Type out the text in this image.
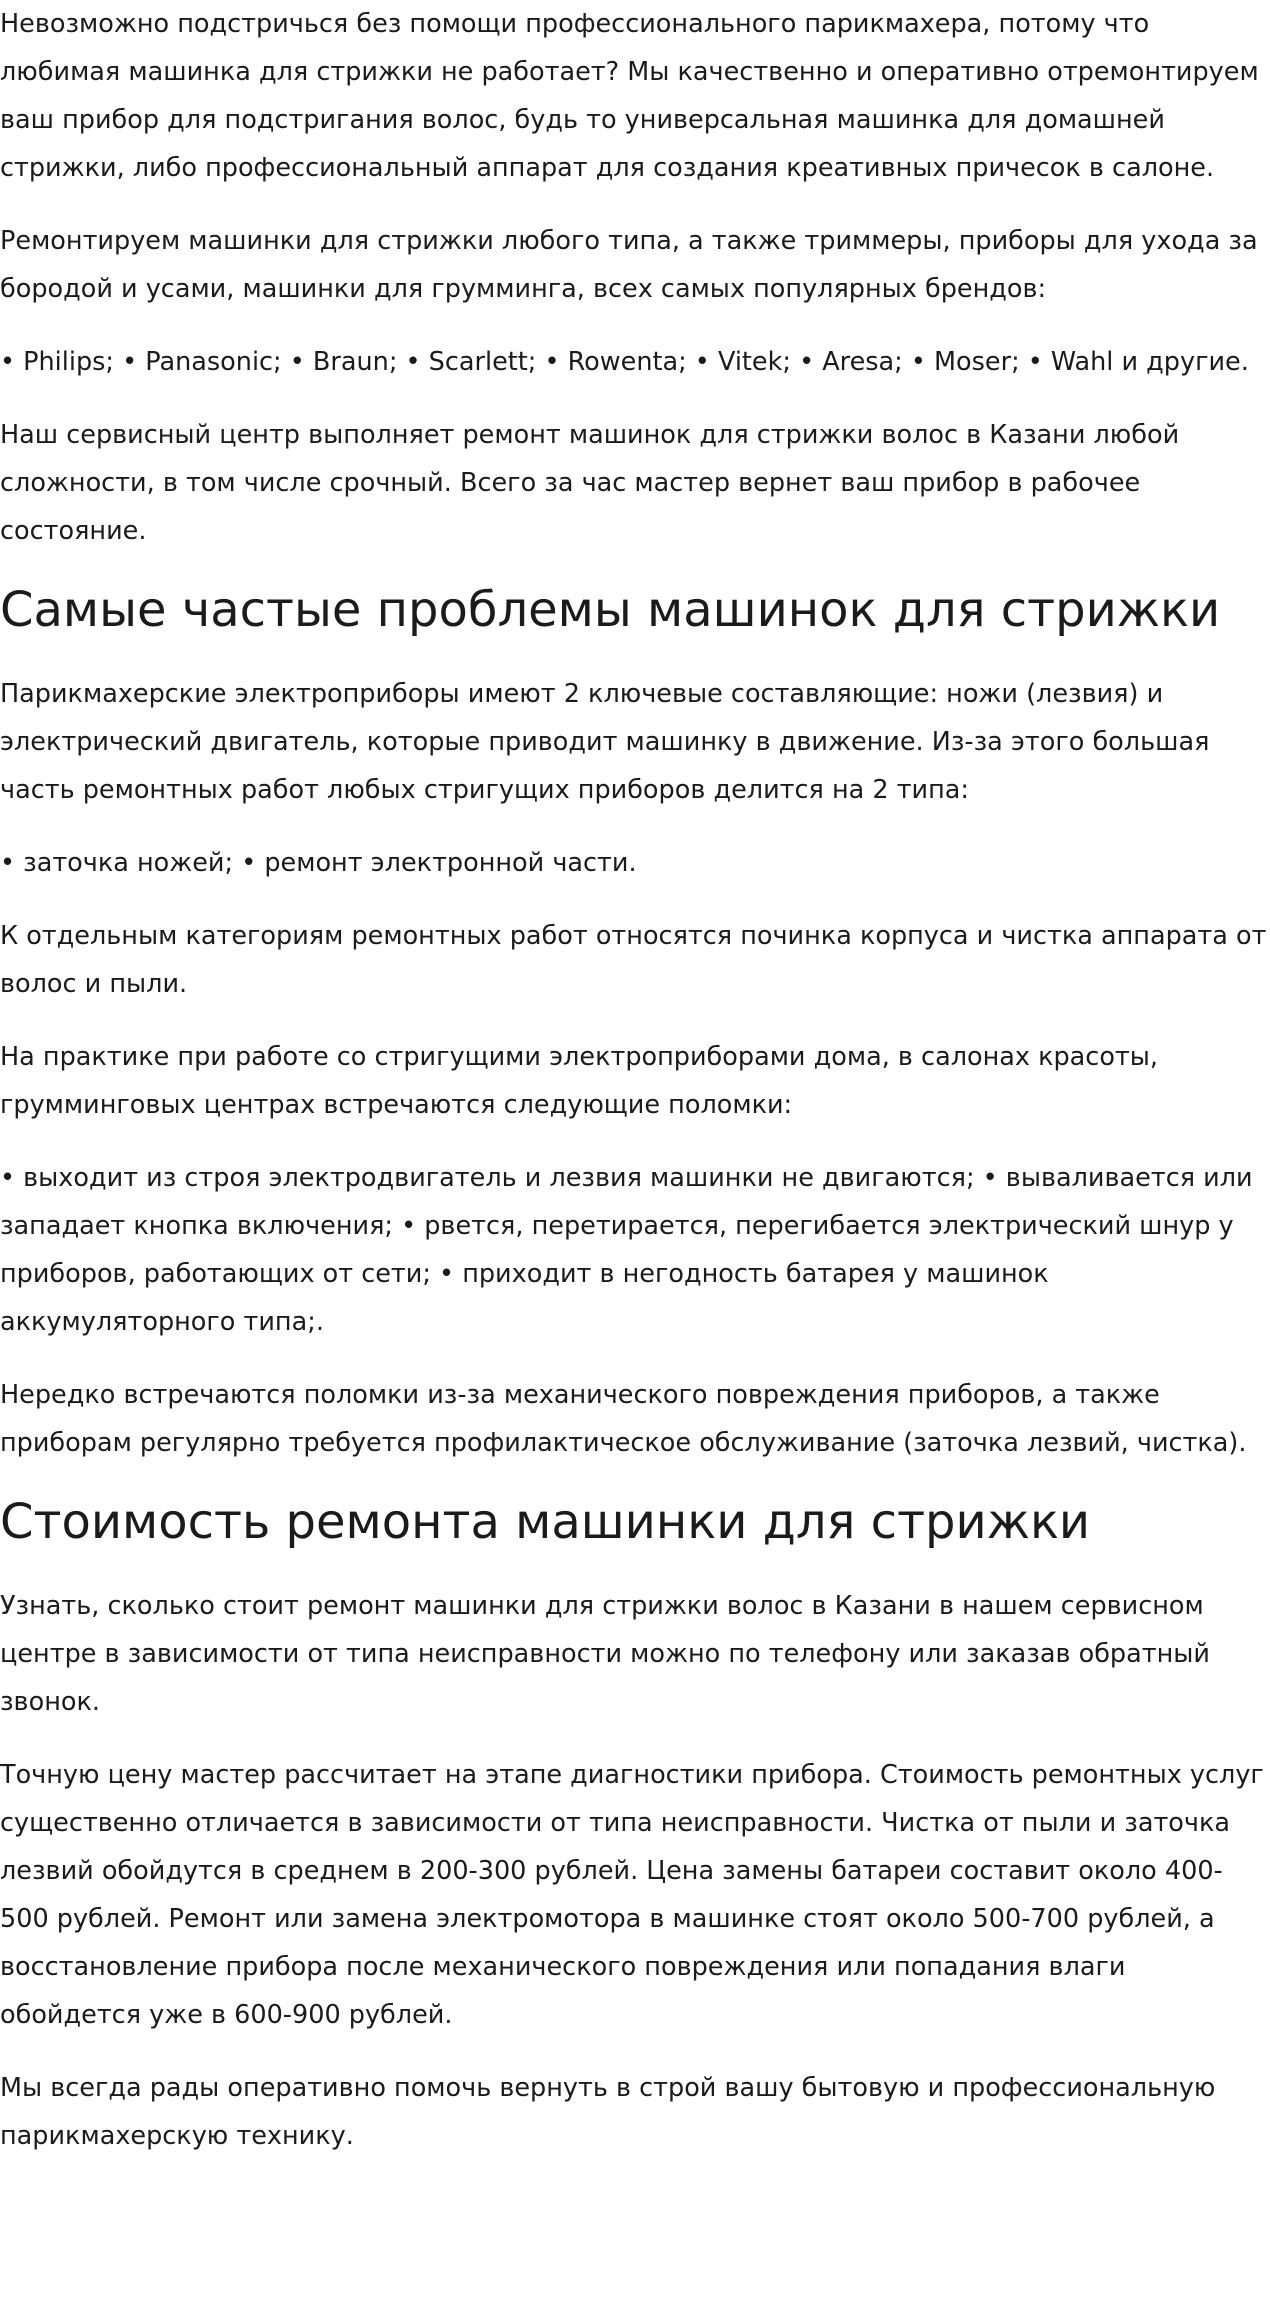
Невозможно подстричься без помощи профессионального парикмахера, потому что любимая машинка для стрижки не работает? Мы качественно и оперативно отремонтируем ваш прибор для подстригания волос, будь то универсальная машинка для домашней стрижки, либо профессиональный аппарат для создания креативных причесок в салоне.

Ремонтируем машинки для стрижки любого типа, а также триммеры, приборы для ухода за бородой и усами, машинки для грумминга, всех самых популярных брендов:

• Philips; • Panasonic; • Braun; • Scarlett; • Rowenta; • Vitek; • Aresa; • Moser; • Wahl и другие.

Наш сервисный центр выполняет ремонт машинок для стрижки волос в Казани любой сложности, в том числе срочный. Всего за час мастер вернет ваш прибор в рабочее состояние.

Самые частые проблемы машинок для стрижки

Парикмахерские электроприборы имеют 2 ключевые составляющие: ножи (лезвия) и электрический двигатель, которые приводит машинку в движение. Из-за этого большая часть ремонтных работ любых стригущих приборов делится на 2 типа:

• заточка ножей; • ремонт электронной части.

К отдельным категориям ремонтных работ относятся починка корпуса и чистка аппарата от волос и пыли.

На практике при работе со стригущими электроприборами дома, в салонах красоты, грумминговых центрах встречаются следующие поломки:

• выходит из строя электродвигатель и лезвия машинки не двигаются; • вываливается или западает кнопка включения; • рвется, перетирается, перегибается электрический шнур у приборов, работающих от сети; • приходит в негодность батарея у машинок аккумуляторного типа;.

Нередко встречаются поломки из-за механического повреждения приборов, а также приборам регулярно требуется профилактическое обслуживание (заточка лезвий, чистка).

Стоимость ремонта машинки для стрижки

Узнать, сколько стоит ремонт машинки для стрижки волос в Казани в нашем сервисном центре в зависимости от типа неисправности можно по телефону или заказав обратный звонок.

Точную цену мастер рассчитает на этапе диагностики прибора. Стоимость ремонтных услуг существенно отличается в зависимости от типа неисправности. Чистка от пыли и заточка лезвий обойдутся в среднем в 200-300 рублей. Цена замены батареи составит около 400-500 рублей. Ремонт или замена электромотора в машинке стоят около 500-700 рублей, а восстановление прибора после механического повреждения или попадания влаги обойдется уже в 600-900 рублей.

Мы всегда рады оперативно помочь вернуть в строй вашу бытовую и профессиональную парикмахерскую технику.
